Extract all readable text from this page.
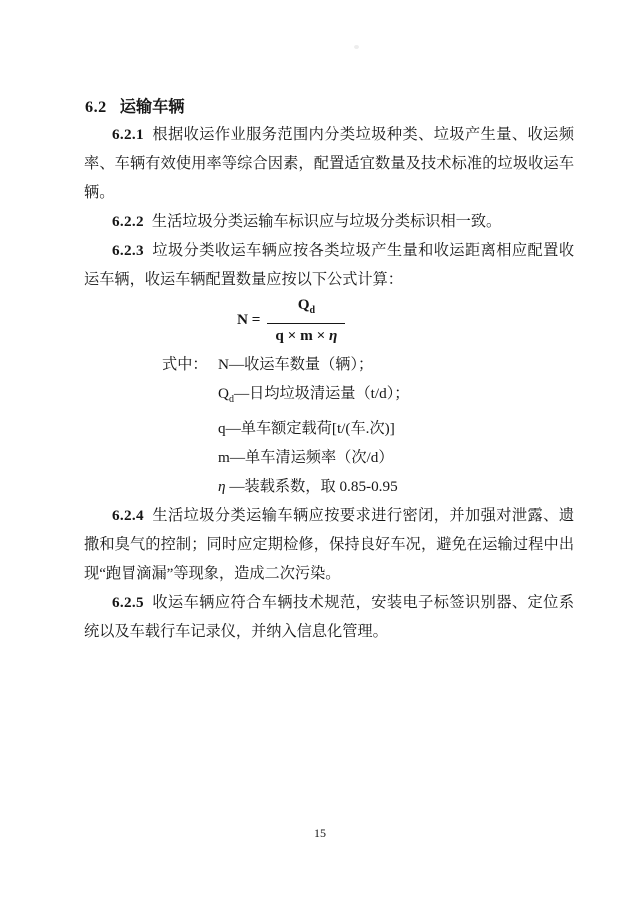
6.2 运输车辆

6.2.1 根据收运作业服务范围内分类垃圾种类、垃圾产生量、收运频率、车辆有效使用率等综合因素，配置适宜数量及技术标准的垃圾收运车辆。

6.2.2 生活垃圾分类运输车标识应与垃圾分类标识相一致。

6.2.3 垃圾分类收运车辆应按各类垃圾产生量和收运距离相应配置收运车辆，收运车辆配置数量应按以下公式计算：

$N = \frac{Q_d}{q \times m \times \eta}$
式中： N—收运车数量（辆）；
$Q_d—$日均垃圾清运量（t/d）；
q—单车额定载荷[t/(车.次)]
m—单车清运频率（次/d）
η —装载系数，取 0.85-0.95

6.2.4 生活垃圾分类运输车辆应按要求进行密闭，并加强对泄露、遗撒和臭气的控制；同时应定期检修，保持良好车况，避免在运输过程中出现“跑冒滴漏”等现象，造成二次污染。

6.2.5 收运车辆应符合车辆技术规范，安装电子标签识别器、定位系统以及车载行车记录仪，并纳入信息化管理。

15
